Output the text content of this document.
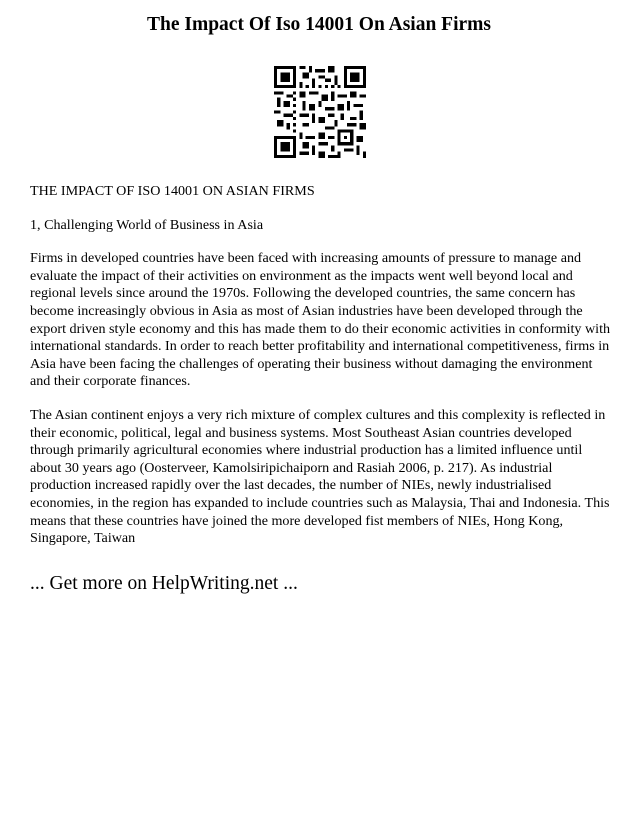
The Impact Of Iso 14001 On Asian Firms

THE IMPACT OF ISO 14001 ON ASIAN FIRMS

1, Challenging World of Business in Asia

Firms in developed countries have been faced with increasing amounts of pressure to manage and evaluate the impact of their activities on environment as the impacts went well beyond local and regional levels since around the 1970s. Following the developed countries, the same concern has become increasingly obvious in Asia as most of Asian industries have been developed through the export driven style economy and this has made them to do their economic activities in conformity with international standards. In order to reach better profitability and international competitiveness, firms in Asia have been facing the challenges of operating their business without damaging the environment and their corporate finances.

The Asian continent enjoys a very rich mixture of complex cultures and this complexity is reflected in their economic, political, legal and business systems. Most Southeast Asian countries developed through primarily agricultural economies where industrial production has a limited influence until about 30 years ago (Oosterveer, Kamolsiripichaiporn and Rasiah 2006, p. 217). As industrial production increased rapidly over the last decades, the number of NIEs, newly industrialised economies, in the region has expanded to include countries such as Malaysia, Thai and Indonesia. This means that these countries have joined the more developed fist members of NIEs, Hong Kong, Singapore, Taiwan

... Get more on HelpWriting.net ...
